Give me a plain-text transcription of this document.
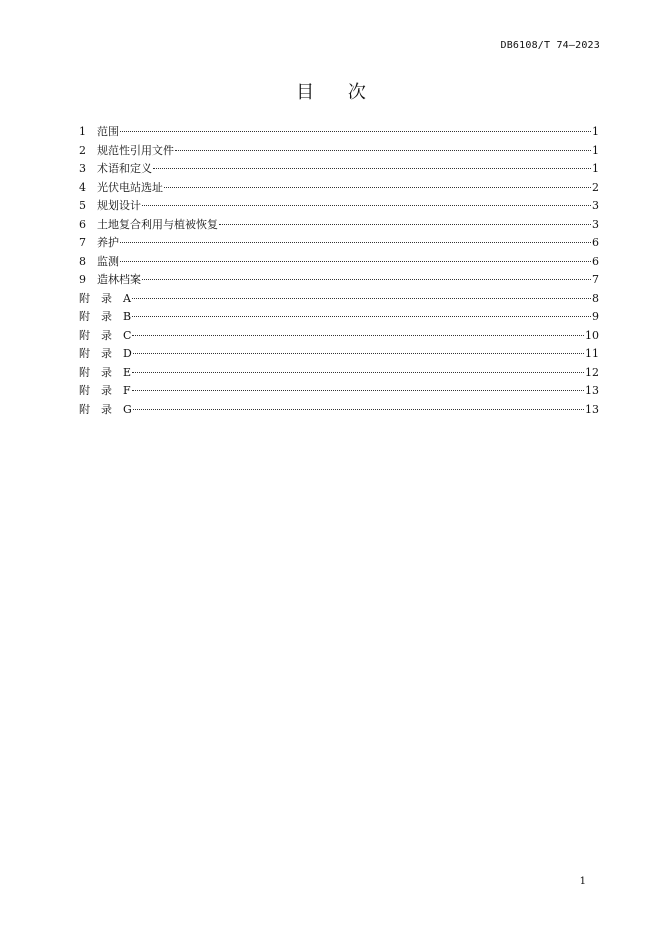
DB6108/T 74—2023
目 次
1	范围	1
2	规范性引用文件	1
3	术语和定义	1
4	光伏电站选址	2
5	规划设计	3
6	土地复合利用与植被恢复	3
7	养护	6
8	监测	6
9	造林档案	7
附　录　A	8
附　录　B	9
附　录　C	10
附　录　D	11
附　录　E	12
附　录　F	13
附　录　G	13
1
